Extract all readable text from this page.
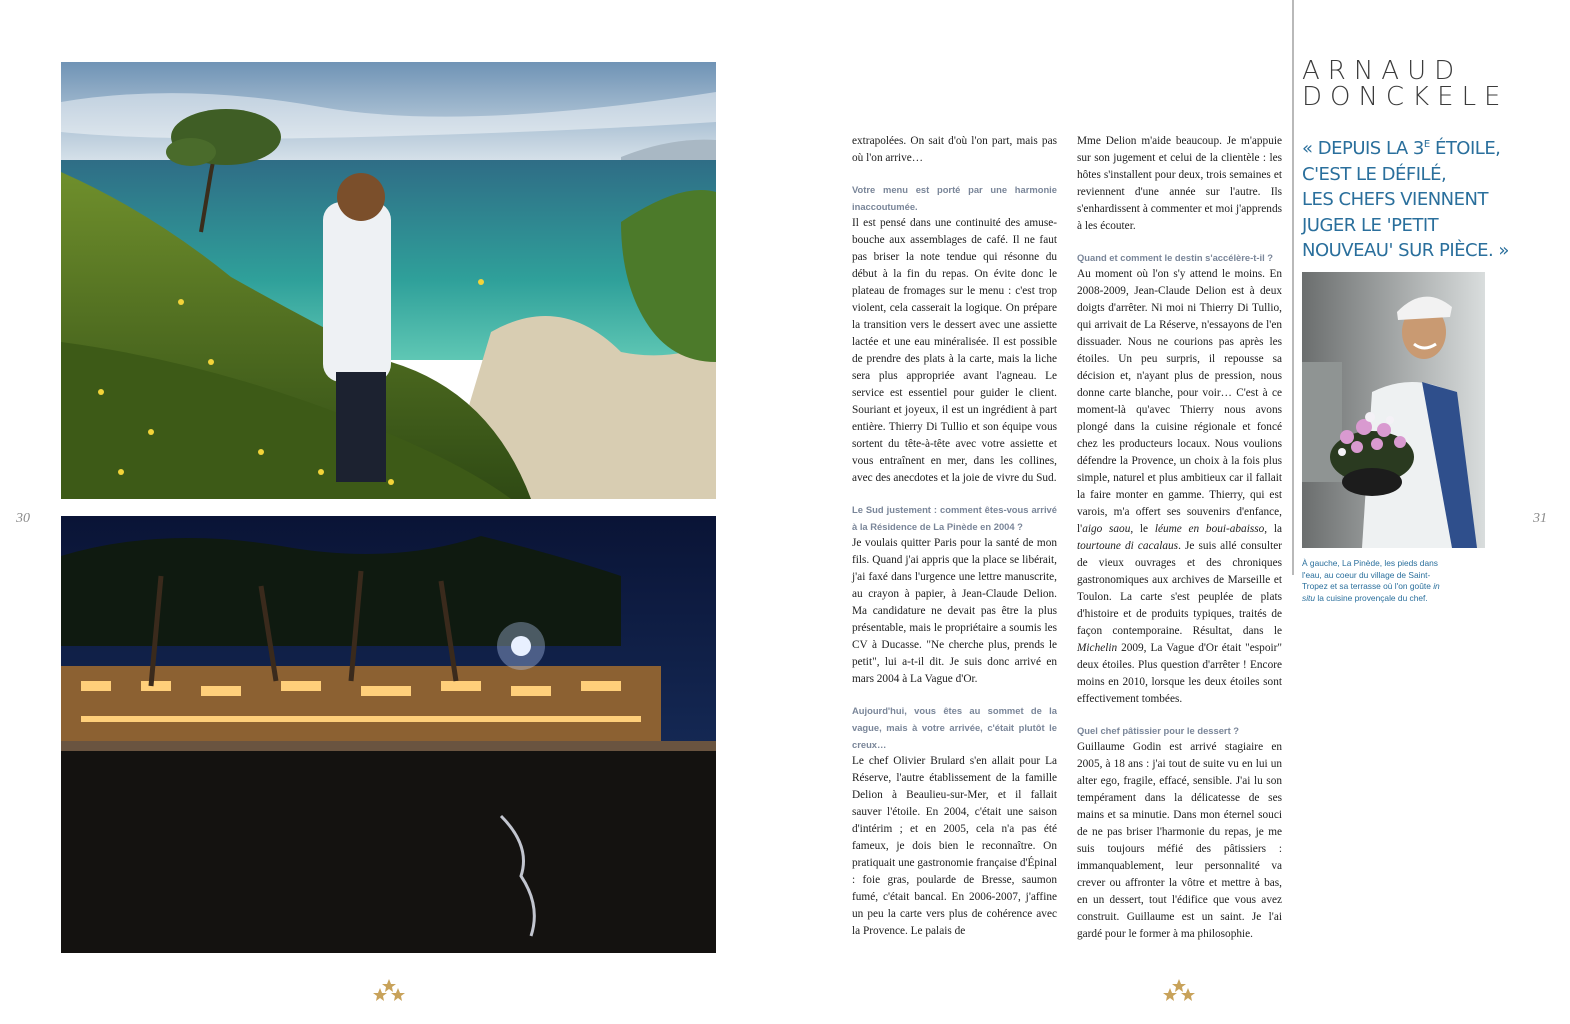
30	31

extrapolées. On sait d'où l'on part, mais pas où l'on arrive…

Votre menu est porté par une harmonie inaccoutumée.

Il est pensé dans une continuité des amuse-bouche aux assemblages de café. Il ne faut pas briser la note tendue qui résonne du début à la fin du repas. On évite donc le plateau de fromages sur le menu : c'est trop violent, cela casserait la logique. On prépare la transition vers le dessert avec une assiette lactée et une eau minéralisée. Il est possible de prendre des plats à la carte, mais la liche sera plus appropriée avant l'agneau. Le service est essentiel pour guider le client. Souriant et joyeux, il est un ingrédient à part entière. Thierry Di Tullio et son équipe vous sortent du tête-à-tête avec votre assiette et vous entraînent en mer, dans les collines, avec des anecdotes et la joie de vivre du Sud.

Le Sud justement : comment êtes-vous arrivé à la Résidence de La Pinède en 2004 ?

Je voulais quitter Paris pour la santé de mon fils. Quand j'ai appris que la place se libérait, j'ai faxé dans l'urgence une lettre manuscrite, au crayon à papier, à Jean-Claude Delion. Ma candidature ne devait pas être la plus présentable, mais le propriétaire a soumis les CV à Ducasse. "Ne cherche plus, prends le petit", lui a-t-il dit. Je suis donc arrivé en mars 2004 à La Vague d'Or.

Aujourd'hui, vous êtes au sommet de la vague, mais à votre arrivée, c'était plutôt le creux…

Le chef Olivier Brulard s'en allait pour La Réserve, l'autre établissement de la famille Delion à Beaulieu-sur-Mer, et il fallait sauver l'étoile. En 2004, c'était une saison d'intérim ; et en 2005, cela n'a pas été fameux, je dois bien le reconnaître. On pratiquait une gastronomie française d'Épinal : foie gras, poularde de Bresse, saumon fumé, c'était bancal. En 2006-2007, j'affine un peu la carte vers plus de cohérence avec la Provence. Le palais de

Mme Delion m'aide beaucoup. Je m'appuie sur son jugement et celui de la clientèle : les hôtes s'installent pour deux, trois semaines et reviennent d'une année sur l'autre. Ils s'enhardissent à commenter et moi j'apprends à les écouter.

Quand et comment le destin s'accélère-t-il ?

Au moment où l'on s'y attend le moins. En 2008-2009, Jean-Claude Delion est à deux doigts d'arrêter. Ni moi ni Thierry Di Tullio, qui arrivait de La Réserve, n'essayons de l'en dissuader. Nous ne courions pas après les étoiles. Un peu surpris, il repousse sa décision et, n'ayant plus de pression, nous donne carte blanche, pour voir… C'est à ce moment-là qu'avec Thierry nous avons plongé dans la cuisine régionale et foncé chez les producteurs locaux. Nous voulions défendre la Provence, un choix à la fois plus simple, naturel et plus ambitieux car il fallait la faire monter en gamme. Thierry, qui est varois, m'a offert ses souvenirs d'enfance, l'aigo saou, le léume en boui-abaisso, la tourtoune di cacalaus. Je suis allé consulter de vieux ouvrages et des chroniques gastronomiques aux archives de Marseille et Toulon. La carte s'est peuplée de plats d'histoire et de produits typiques, traités de façon contemporaine. Résultat, dans le Michelin 2009, La Vague d'Or était "espoir" deux étoiles. Plus question d'arrêter ! Encore moins en 2010, lorsque les deux étoiles sont effectivement tombées.

Quel chef pâtissier pour le dessert ?

Guillaume Godin est arrivé stagiaire en 2005, à 18 ans : j'ai tout de suite vu en lui un alter ego, fragile, effacé, sensible. J'ai lu son tempérament dans la délicatesse de ses mains et sa minutie. Dans mon éternel souci de ne pas briser l'harmonie du repas, je me suis toujours méfié des pâtissiers : immanquablement, leur personnalité va crever ou affronter la vôtre et mettre à bas, en un dessert, tout l'édifice que vous avez construit. Guillaume est un saint. Je l'ai gardé pour le former à ma philosophie.

ARNAUD
DONCKELE
« DEPUIS LA $3^E$ ÉTOILE,
C'EST LE DÉFILÉ,
LES CHEFS VIENNENT
JUGER LE 'PETIT
NOUVEAU' SUR PIÈCE. »
À gauche, La Pinède, les pieds dans l'eau, au coeur du village de Saint-Tropez et sa terrasse où l'on goûte in situ la cuisine provençale du chef.
